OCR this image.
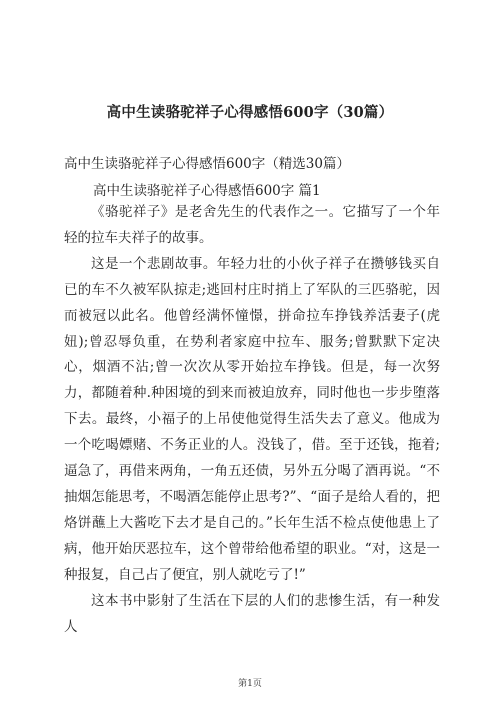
高中生读骆驼祥子心得感悟600字（30篇）
高中生读骆驼祥子心得感悟600字（精选30篇）
高中生读骆驼祥子心得感悟600字 篇1

《骆驼祥子》是老舍先生的代表作之一。它描写了一个年轻的拉车夫祥子的故事。

这是一个悲剧故事。年轻力壮的小伙子祥子在攒够钱买自已的车不久被军队掠走;逃回村庄时捎上了军队的三匹骆驼，因而被冠以此名。他曾经满怀憧憬，拼命拉车挣钱养活妻子(虎妞);曾忍辱负重，在势利者家庭中拉车、服务;曾默默下定决心，烟酒不沾;曾一次次从零开始拉车挣钱。但是，每一次努力，都随着种.种困境的到来而被迫放弃，同时他也一步步堕落下去。最终，小福子的上吊使他觉得生活失去了意义。他成为一个吃喝嫖赌、不务正业的人。没钱了，借。至于还钱，拖着;逼急了，再借来两角，一角五还债，另外五分喝了酒再说。“不抽烟怎能思考，不喝酒怎能停止思考?”、“面子是给人看的，把烙饼蘸上大酱吃下去才是自己的。”长年生活不检点使他患上了病，他开始厌恶拉车，这个曾带给他希望的职业。“对，这是一种报复，自己占了便宜，别人就吃亏了!”

这本书中影射了生活在下层的人们的悲惨生活，有一种发人

第1页
